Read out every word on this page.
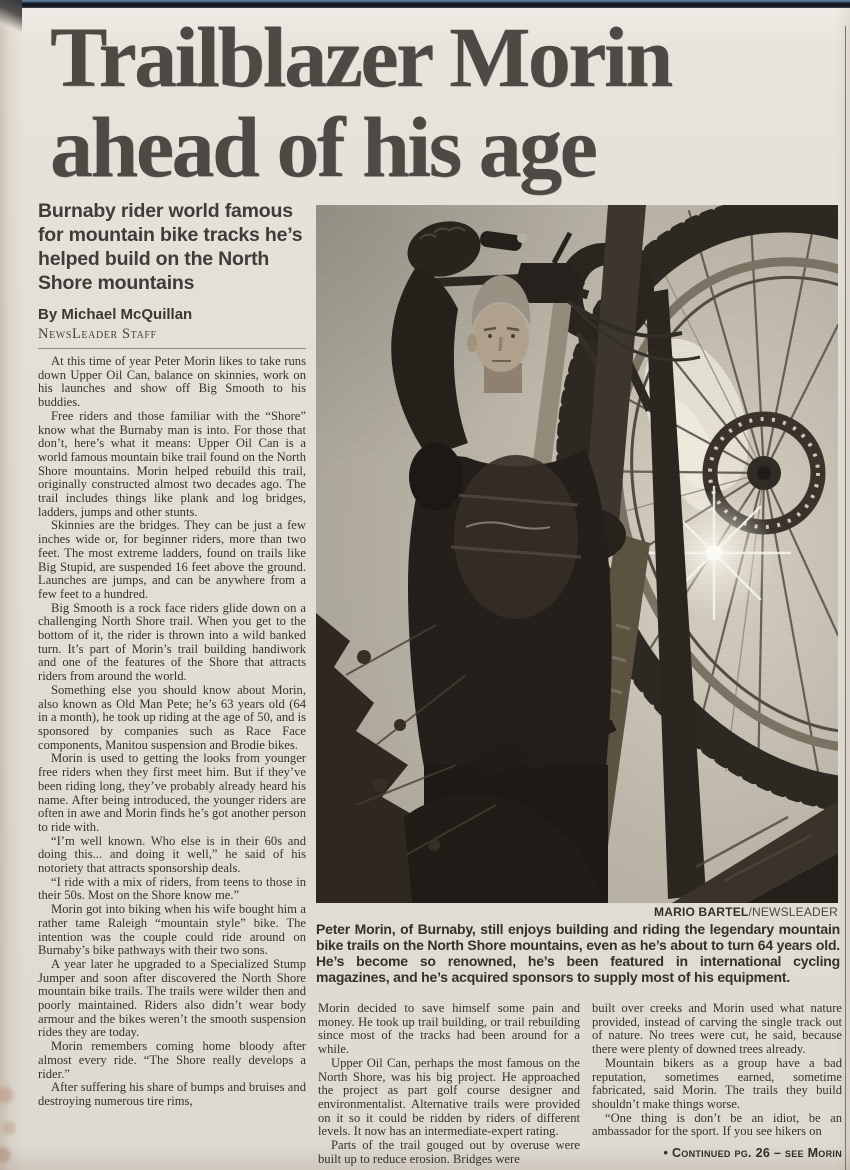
Trailblazer Morin
ahead of his age
Burnaby rider world famous for mountain bike tracks he’s helped build on the North Shore mountains
By Michael McQuillan
NewsLeader Staff

At this time of year Peter Morin likes to take runs down Upper Oil Can, balance on skinnies, work on his launches and show off Big Smooth to his buddies.

Free riders and those familiar with the “Shore” know what the Burnaby man is into. For those that don’t, here’s what it means: Upper Oil Can is a world famous mountain bike trail found on the North Shore mountains. Morin helped rebuild this trail, originally constructed almost two decades ago. The trail includes things like plank and log bridges, ladders, jumps and other stunts.

Skinnies are the bridges. They can be just a few inches wide or, for beginner riders, more than two feet. The most extreme ladders, found on trails like Big Stupid, are suspended 16 feet above the ground. Launches are jumps, and can be anywhere from a few feet to a hundred.

Big Smooth is a rock face riders glide down on a challenging North Shore trail. When you get to the bottom of it, the rider is thrown into a wild banked turn. It’s part of Morin’s trail building handiwork and one of the features of the Shore that attracts riders from around the world.

Something else you should know about Morin, also known as Old Man Pete; he’s 63 years old (64 in a month), he took up riding at the age of 50, and is sponsored by companies such as Race Face components, Manitou suspension and Brodie bikes.

Morin is used to getting the looks from younger free riders when they first meet him. But if they’ve been riding long, they’ve probably already heard his name. After being introduced, the younger riders are often in awe and Morin finds he’s got another person to ride with.

“I’m well known. Who else is in their 60s and doing this... and doing it well,” he said of his notoriety that attracts sponsorship deals.

“I ride with a mix of riders, from teens to those in their 50s. Most on the Shore know me.”

Morin got into biking when his wife bought him a rather tame Raleigh “mountain style” bike. The intention was the couple could ride around on Burnaby’s bike pathways with their two sons.

A year later he upgraded to a Specialized Stump Jumper and soon after discovered the North Shore mountain bike trails. The trails were wilder then and poorly maintained. Riders also didn’t wear body armour and the bikes weren’t the smooth suspension rides they are today.

Morin remembers coming home bloody after almost every ride. “The Shore really develops a rider.”

After suffering his share of bumps and bruises and destroying numerous tire rims,

MARIO BARTEL/NEWSLEADER
Peter Morin, of Burnaby, still enjoys building and riding the legendary mountain bike trails on the North Shore mountains, even as he’s about to turn 64 years old. He’s become so renowned, he’s been featured in international cycling magazines, and he’s acquired sponsors to supply most of his equipment.

Morin decided to save himself some pain and money. He took up trail building, or trail rebuilding since most of the tracks had been around for a while.

Upper Oil Can, perhaps the most famous on the North Shore, was his big project. He approached the project as part golf course designer and environmentalist. Alternative trails were provided on it so it could be ridden by riders of different levels. It now has an intermediate-expert rating.

Parts of the trail gouged out by overuse were built up to reduce erosion. Bridges were

built over creeks and Morin used what nature provided, instead of carving the single track out of nature. No trees were cut, he said, because there were plenty of downed trees already.

Mountain bikers as a group have a bad reputation, sometimes earned, sometime fabricated, said Morin. The trails they build shouldn’t make things worse.

“One thing is don’t be an idiot, be an ambassador for the sport. If you see hikers on

• Continued pg. 26 – see Morin
